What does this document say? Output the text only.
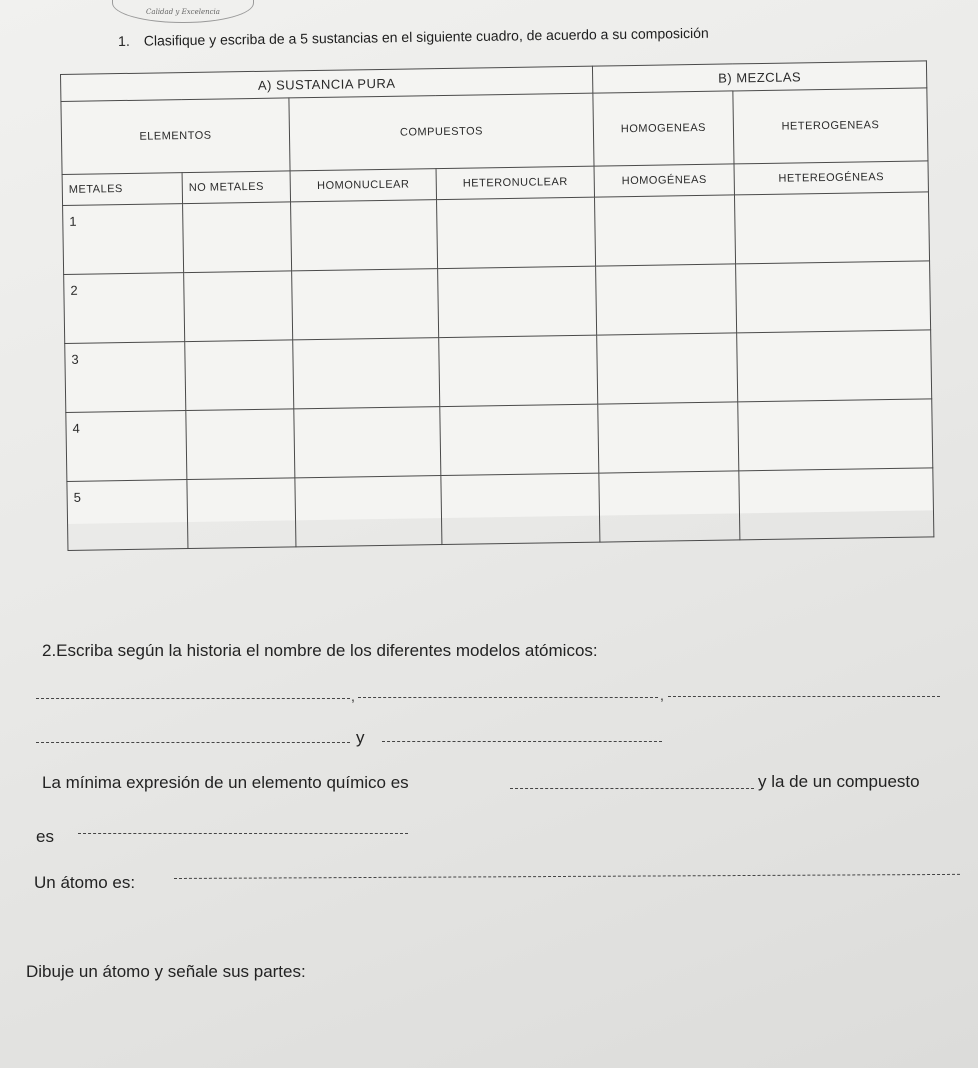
Calidad y Excelencia
1. Clasifique y escriba de a 5 sustancias en el siguiente cuadro, de acuerdo a su composición
A) SUSTANCIA PURA				B) MEZCLAS	
ELEMENTOS		COMPUESTOS		HOMOGENEAS	HETEROGENEAS
METALES	NO METALES	HOMONUCLEAR	HETERONUCLEAR	HOMOGÉNEAS	HETEREOGÉNEAS
1					
2					
3					
4					
5					
2.Escriba según la historia el nombre de los diferentes modelos atómicos:
,	,
y
La mínima expresión de un elemento químico es	y la de un compuesto
es
Un átomo es:
Dibuje un átomo y señale sus partes:
